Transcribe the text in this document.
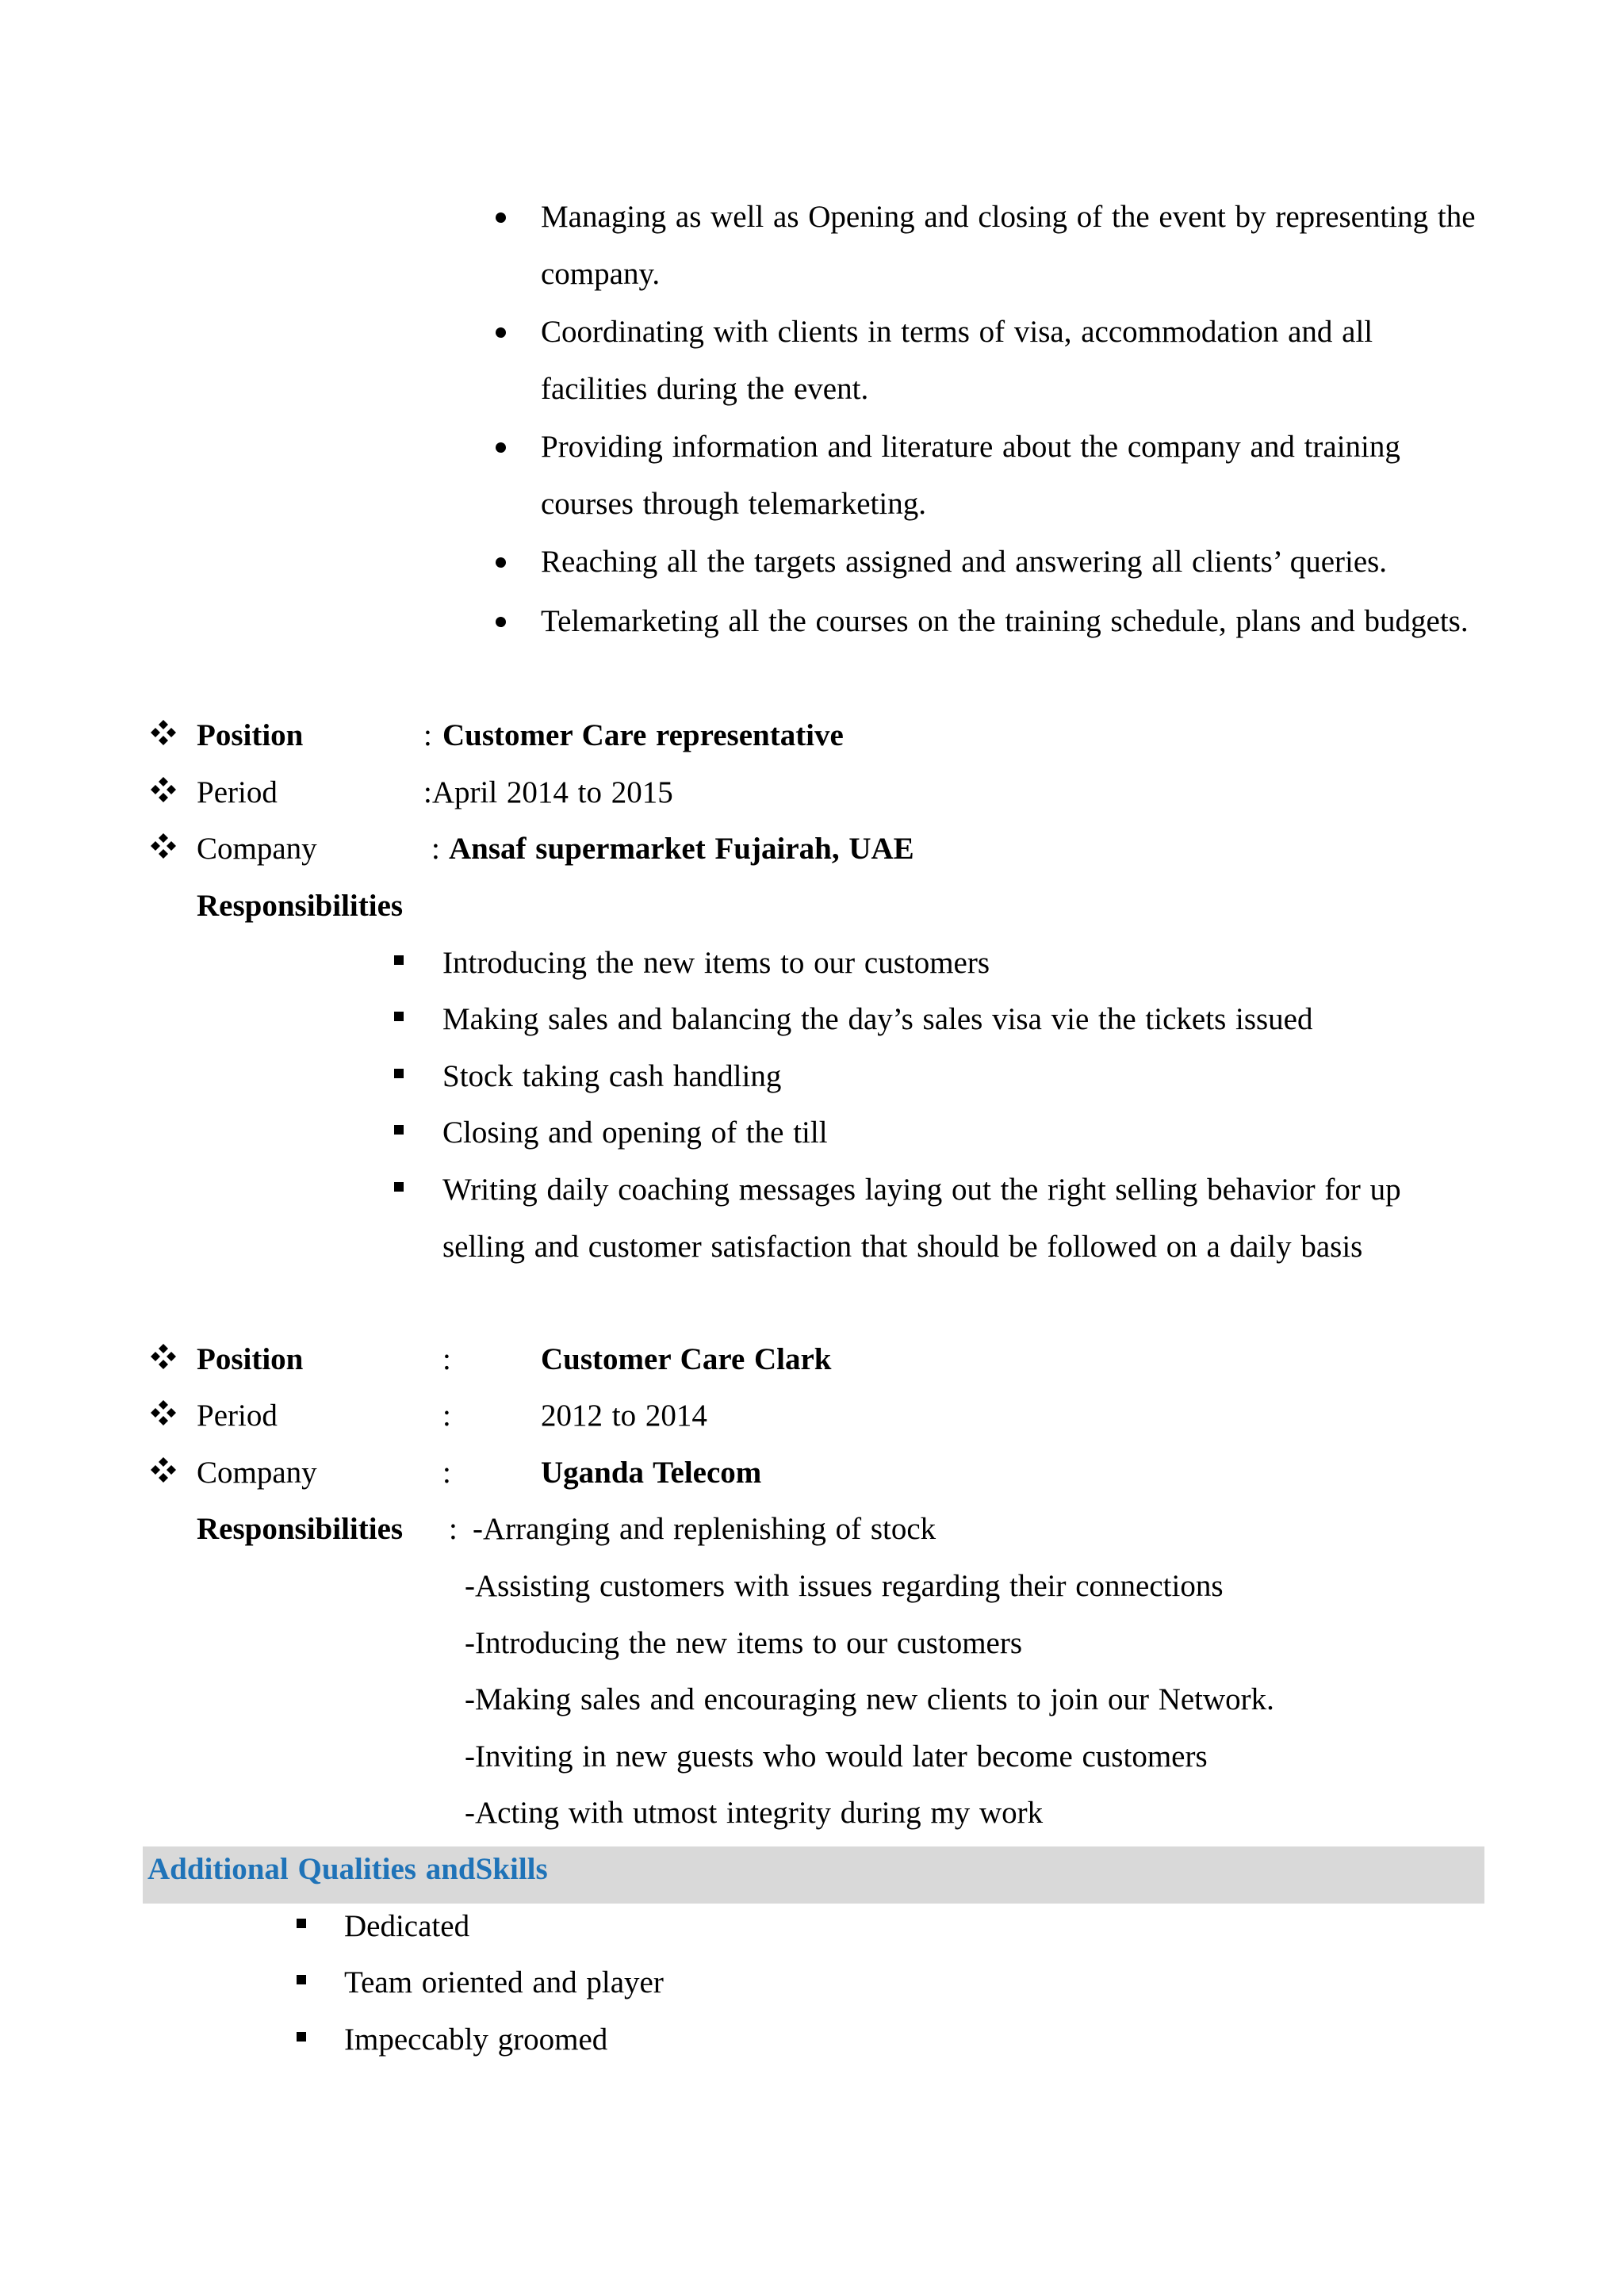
Managing as well as Opening and closing of the event by representing the
company.
Coordinating with clients in terms of visa, accommodation and all
facilities during the event.
Providing information and literature about the company and training
courses through telemarketing.
Reaching all the targets assigned and answering all clients’ queries.
Telemarketing all the courses on the training schedule, plans and budgets.
Position	: Customer Care representative
Period	:April 2014 to 2015
Company	: Ansaf supermarket Fujairah, UAE
Responsibilities
Introducing the new items to our customers
Making sales and balancing the day’s sales visa vie the tickets issued
Stock taking cash handling
Closing and opening of the till
Writing daily coaching messages laying out the right selling behavior for up
selling and customer satisfaction that should be followed on a daily basis
Position	:	Customer Care Clark
Period	:	2012 to 2014
Company	:	Uganda Telecom
Responsibilities : -Arranging and replenishing of stock
-Assisting customers with issues regarding their connections
-Introducing the new items to our customers
-Making sales and encouraging new clients to join our Network.
-Inviting in new guests who would later become customers
-Acting with utmost integrity during my work
Additional Qualities andSkills
Dedicated
Team oriented and player
Impeccably groomed
